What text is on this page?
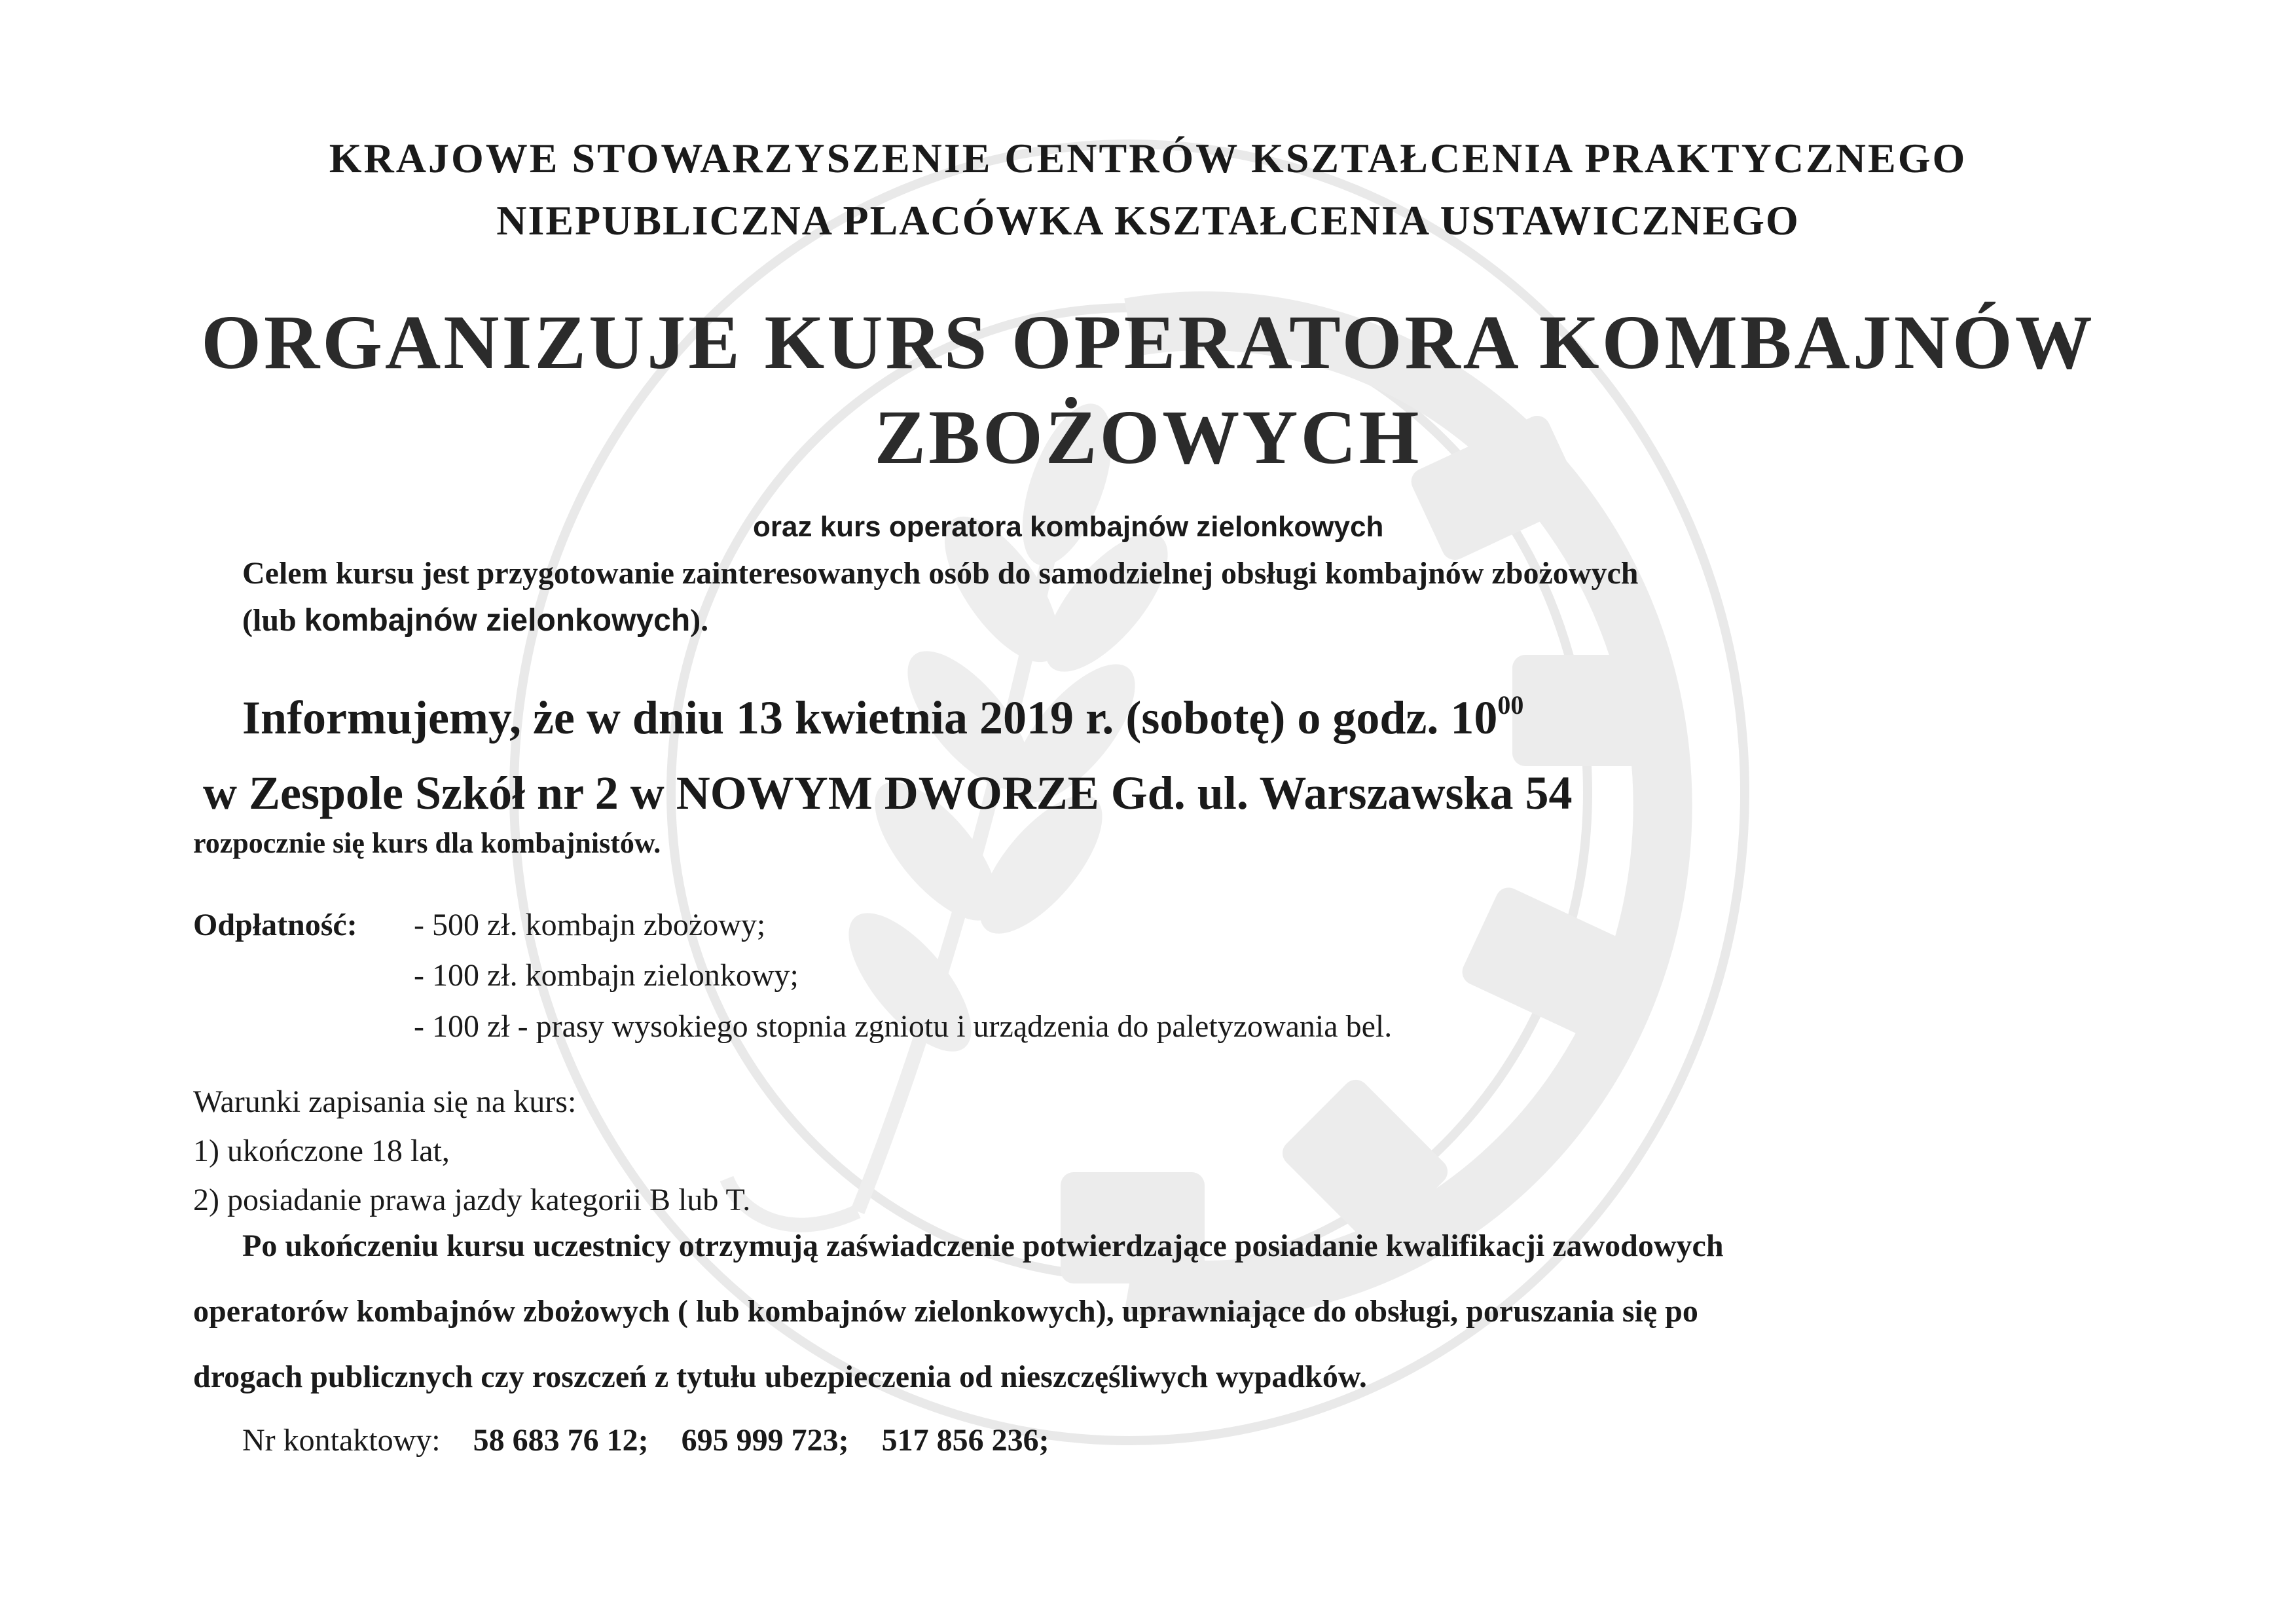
KRAJOWE STOWARZYSZENIE CENTRÓW KSZTAŁCENIA PRAKTYCZNEGO
NIEPUBLICZNA PLACÓWKA KSZTAŁCENIA USTAWICZNEGO
ORGANIZUJE KURS OPERATORA KOMBAJNÓW
ZBOŻOWYCH
oraz kurs operatora kombajnów zielonkowych
Celem kursu jest przygotowanie zainteresowanych osób do samodzielnej obsługi kombajnów zbożowych
(lub kombajnów zielonkowych).
Informujemy, że w dniu 13 kwietnia 2019 r. (sobotę) o godz. $10^{00}$
w Zespole Szkół nr 2 w NOWYM DWORZE Gd. ul. Warszawska 54
rozpocznie się kurs dla kombajnistów.
Odpłatność: - 500 zł. kombajn zbożowy;
- 100 zł. kombajn zielonkowy;
- 100 zł - prasy wysokiego stopnia zgniotu i urządzenia do paletyzowania bel.
Warunki zapisania się na kurs:
1) ukończone 18 lat,
2) posiadanie prawa jazdy kategorii B lub T.
Po ukończeniu kursu uczestnicy otrzymują zaświadczenie potwierdzające posiadanie kwalifikacji zawodowych
operatorów kombajnów zbożowych ( lub kombajnów zielonkowych), uprawniające do obsługi, poruszania się po
drogach publicznych czy roszczeń z tytułu ubezpieczenia od nieszczęśliwych wypadków.
Nr kontaktowy: 58 683 76 12; 695 999 723; 517 856 236;
